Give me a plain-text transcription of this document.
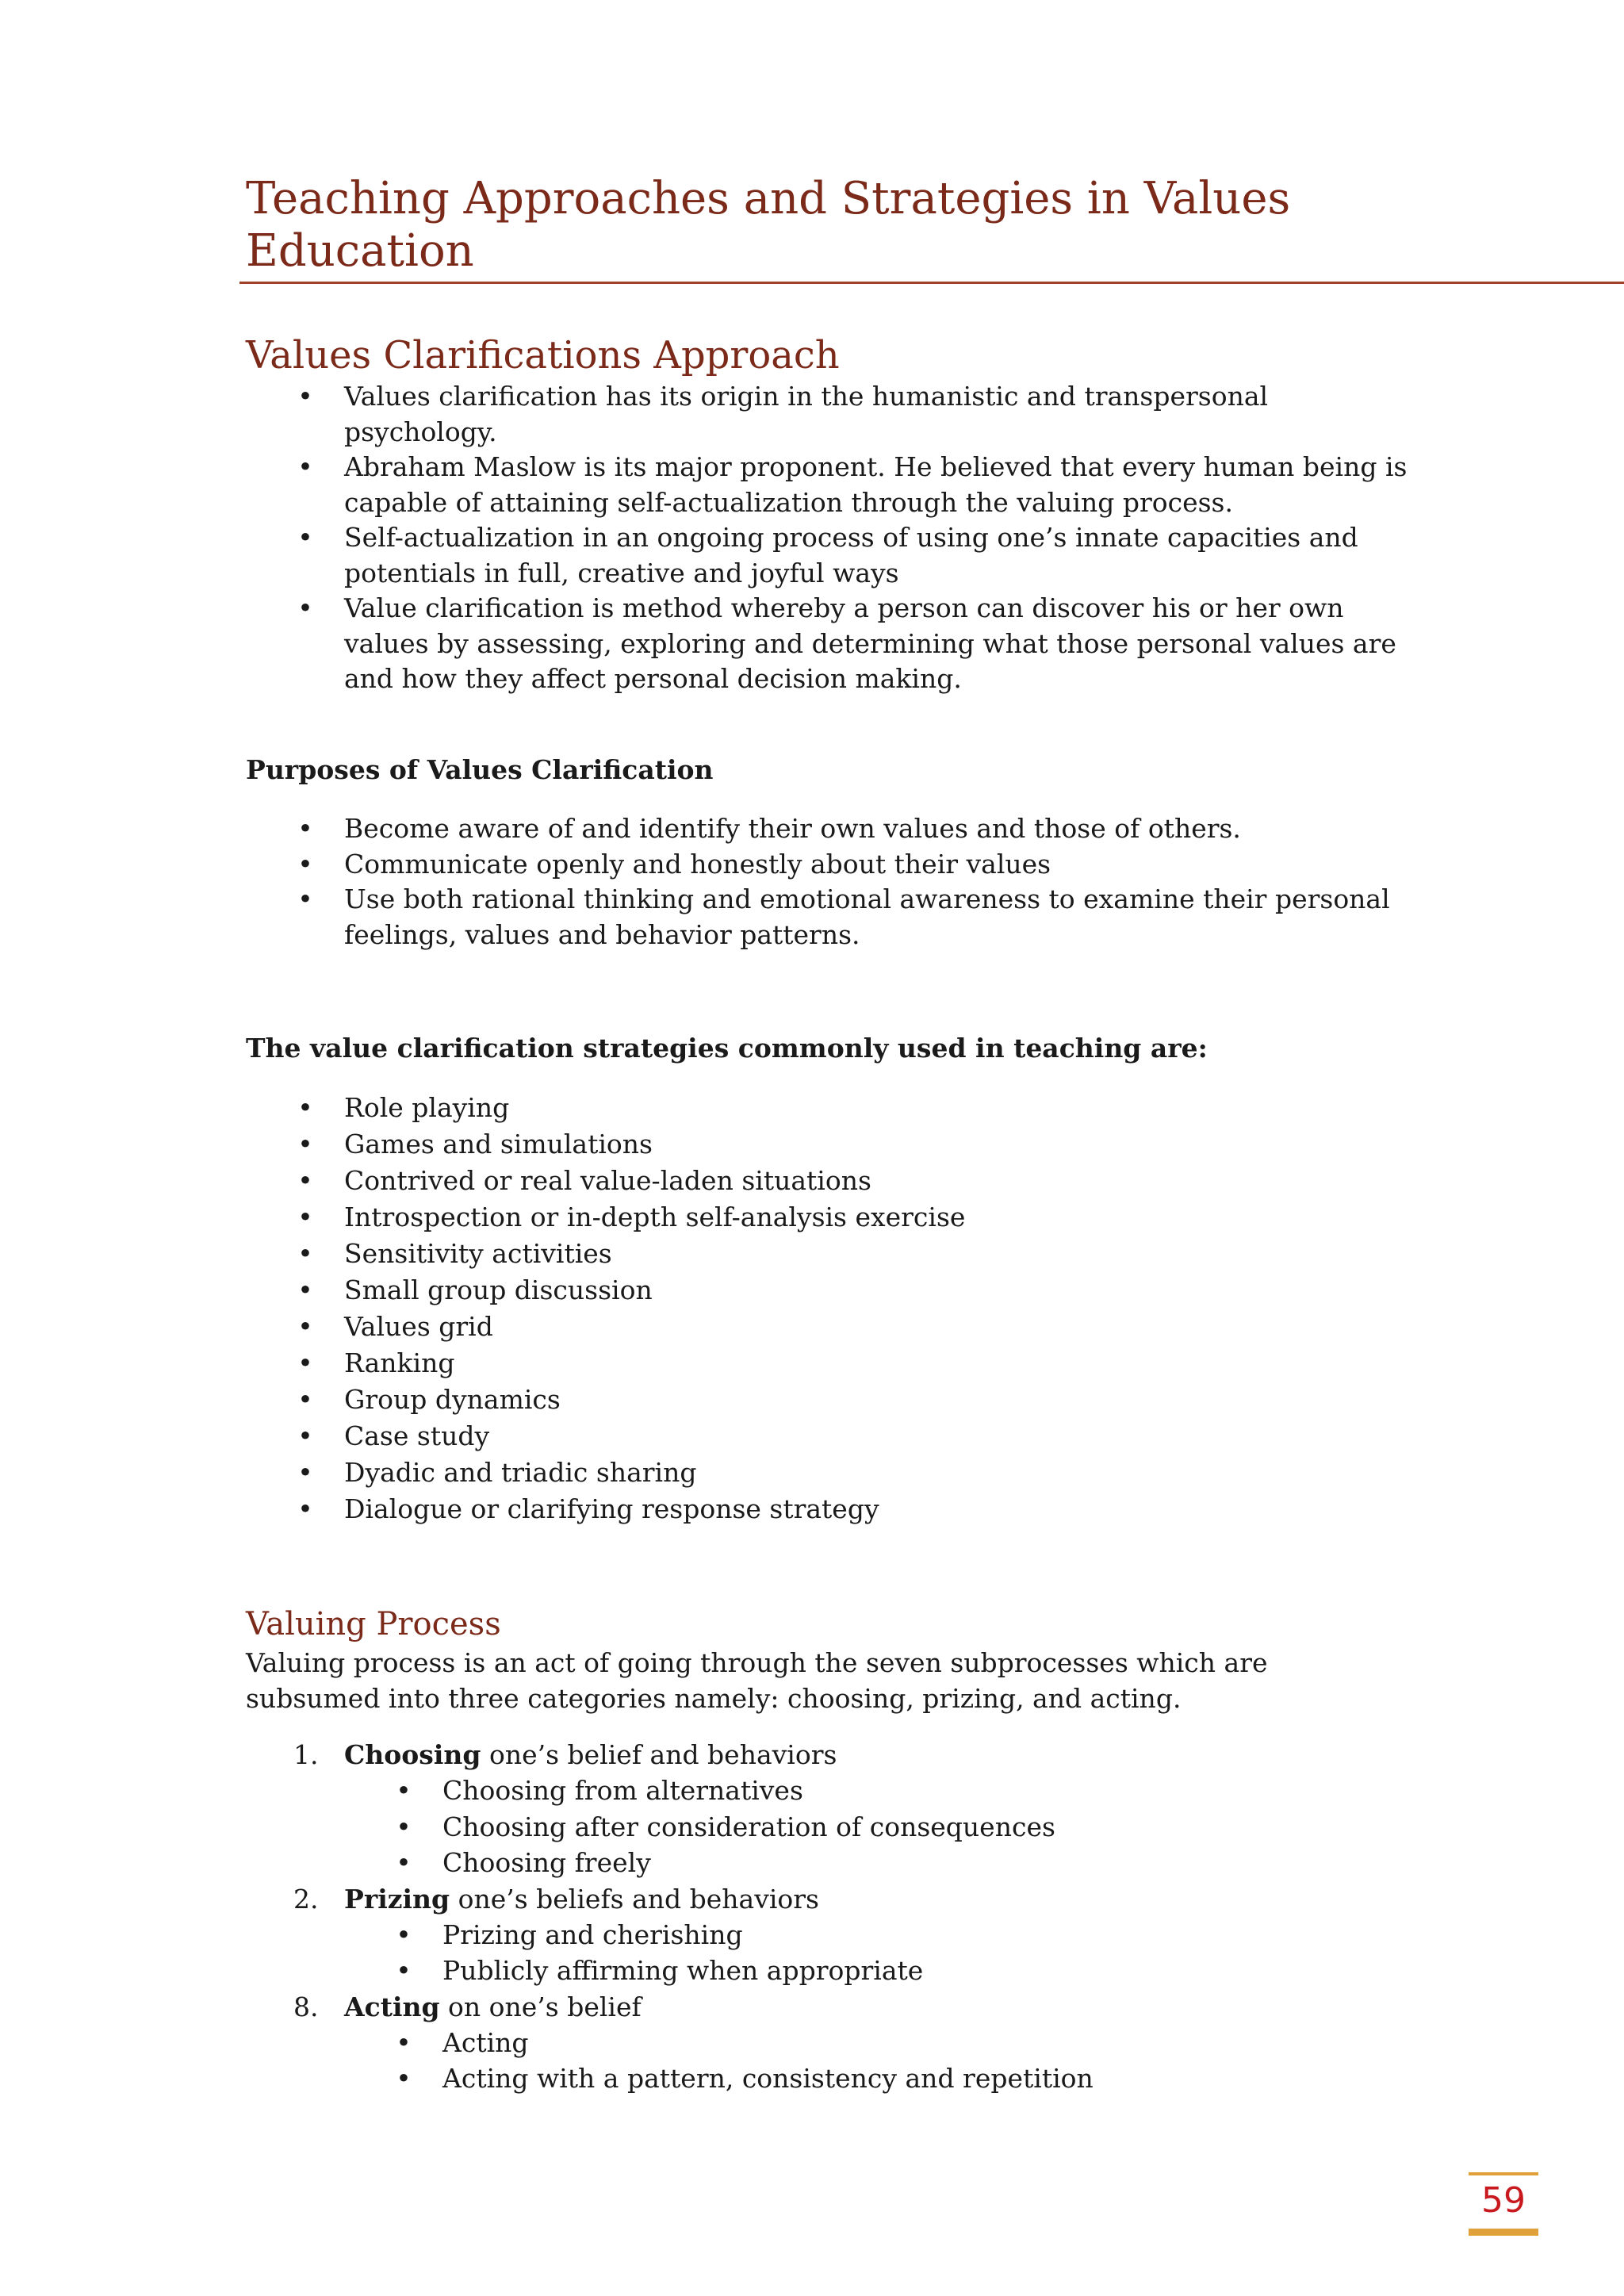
Teaching Approaches and Strategies in Values Education
Values Clarifications Approach
• Values clarification has its origin in the humanistic and transpersonal psychology.
• Abraham Maslow is its major proponent. He believed that every human being is capable of attaining self-actualization through the valuing process.
• Self-actualization in an ongoing process of using one’s innate capacities and potentials in full, creative and joyful ways
• Value clarification is method whereby a person can discover his or her own values by assessing, exploring and determining what those personal values are and how they affect personal decision making.

Purposes of Values Clarification

• Become aware of and identify their own values and those of others.
• Communicate openly and honestly about their values
• Use both rational thinking and emotional awareness to examine their personal feelings, values and behavior patterns.

The value clarification strategies commonly used in teaching are:

• Role playing
• Games and simulations
• Contrived or real value-laden situations
• Introspection or in-depth self-analysis exercise
• Sensitivity activities
• Small group discussion
• Values grid
• Ranking
• Group dynamics
• Case study
• Dyadic and triadic sharing
• Dialogue or clarifying response strategy
Valuing Process

Valuing process is an act of going through the seven subprocesses which are subsumed into three categories namely: choosing, prizing, and acting.

1. Choosing one’s belief and behaviors
• Choosing from alternatives
• Choosing after consideration of consequences
• Choosing freely
2. Prizing one’s beliefs and behaviors
• Prizing and cherishing
• Publicly affirming when appropriate
8. Acting on one’s belief
• Acting
• Acting with a pattern, consistency and repetition
59
